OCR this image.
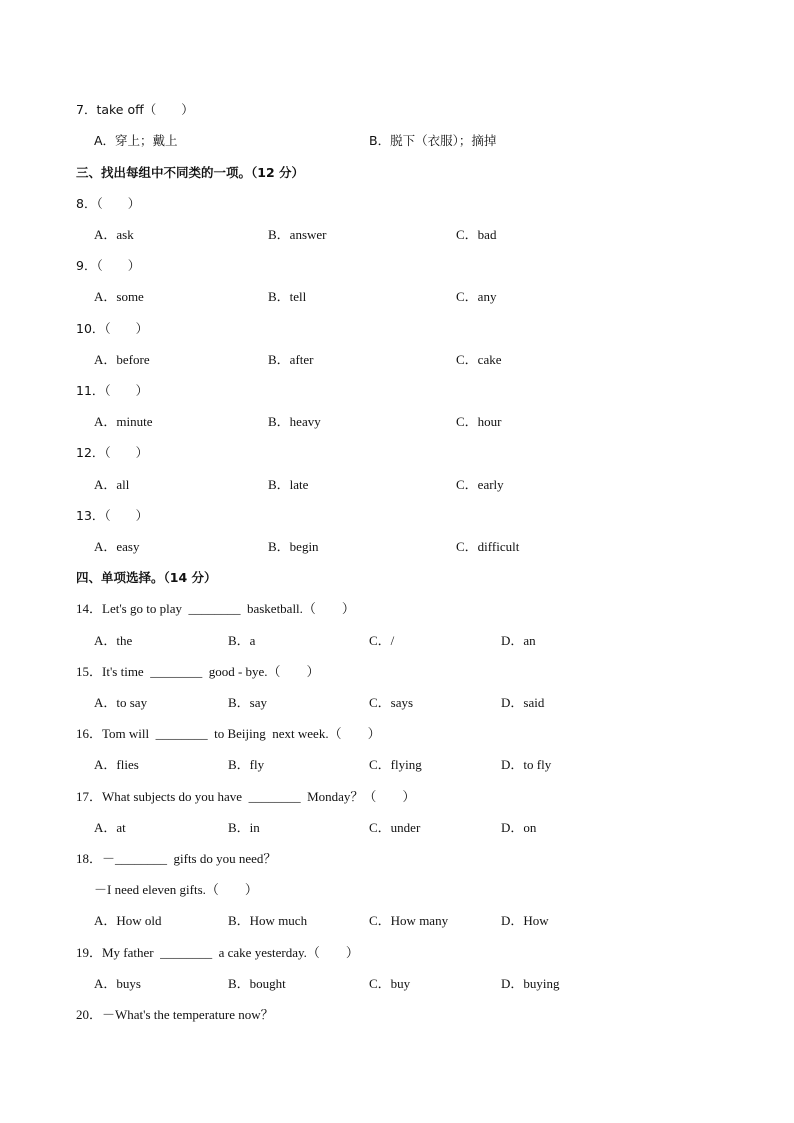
7．take off（　　）
A．穿上；戴上	B．脱下（衣服）；摘掉
三、找出每组中不同类的一项。（12 分）
8．（　　）
A．ask	B．answer	C．bad
9．（　　）
A．some	B．tell	C．any
10．（　　）
A．before	B．after	C．cake
11．（　　）
A．minute	B．heavy	C．hour
12．（　　）
A．all	B．late	C．early
13．（　　）
A．easy	B．begin	C．difficult
四、单项选择。（14 分）
14．Let's go to play  ________  basketball.（　　）
A．the	B．a	C．/	D．an
15．It's time  ________  good - bye.（　　）
A．to say	B．say	C．says	D．said
16．Tom will  ________  to Beijing  next week.（　　）
A．flies	B．fly	C．flying	D．to fly
17．What subjects do you have  ________  Monday？（　　）
A．at	B．in	C．under	D．on
18．－________  gifts do you need？
－I need eleven gifts.（　　）
A．How old	B．How much	C．How many	D．How
19．My father  ________  a cake yesterday.（　　）
A．buys	B．bought	C．buy	D．buying
20．－What's the temperature now？
